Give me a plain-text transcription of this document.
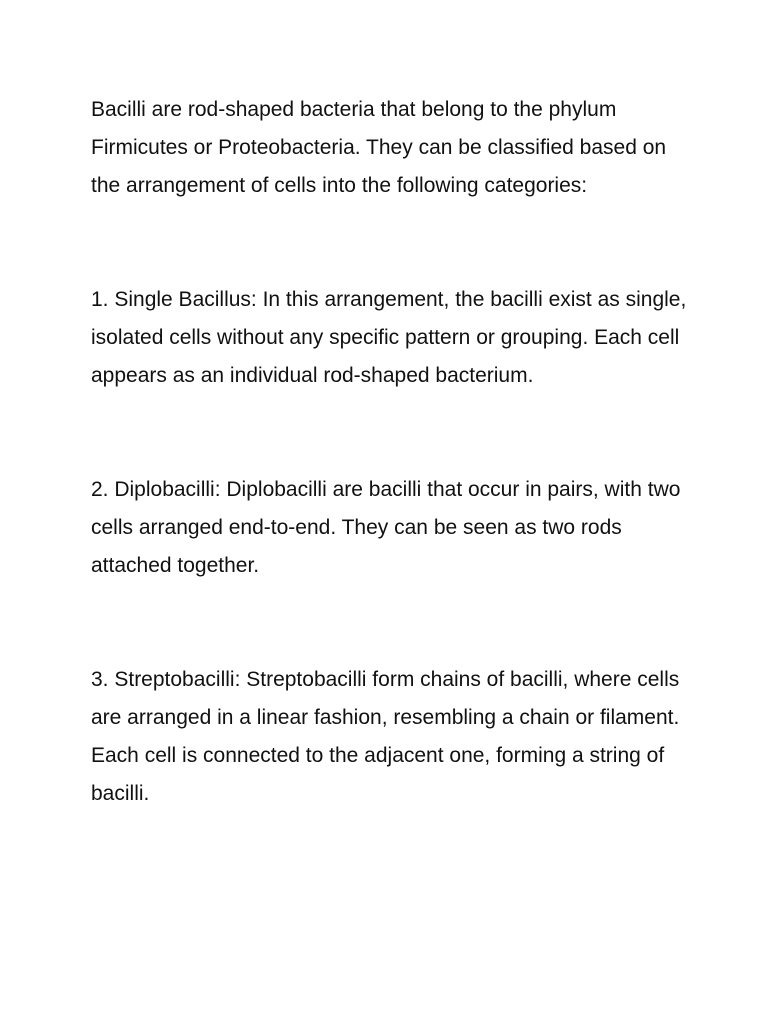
Bacilli are rod-shaped bacteria that belong to the phylum Firmicutes or Proteobacteria. They can be classified based on the arrangement of cells into the following categories:

1. Single Bacillus: In this arrangement, the bacilli exist as single, isolated cells without any specific pattern or grouping. Each cell appears as an individual rod-shaped bacterium.

2. Diplobacilli: Diplobacilli are bacilli that occur in pairs, with two cells arranged end-to-end. They can be seen as two rods attached together.

3. Streptobacilli: Streptobacilli form chains of bacilli, where cells are arranged in a linear fashion, resembling a chain or filament. Each cell is connected to the adjacent one, forming a string of bacilli.
